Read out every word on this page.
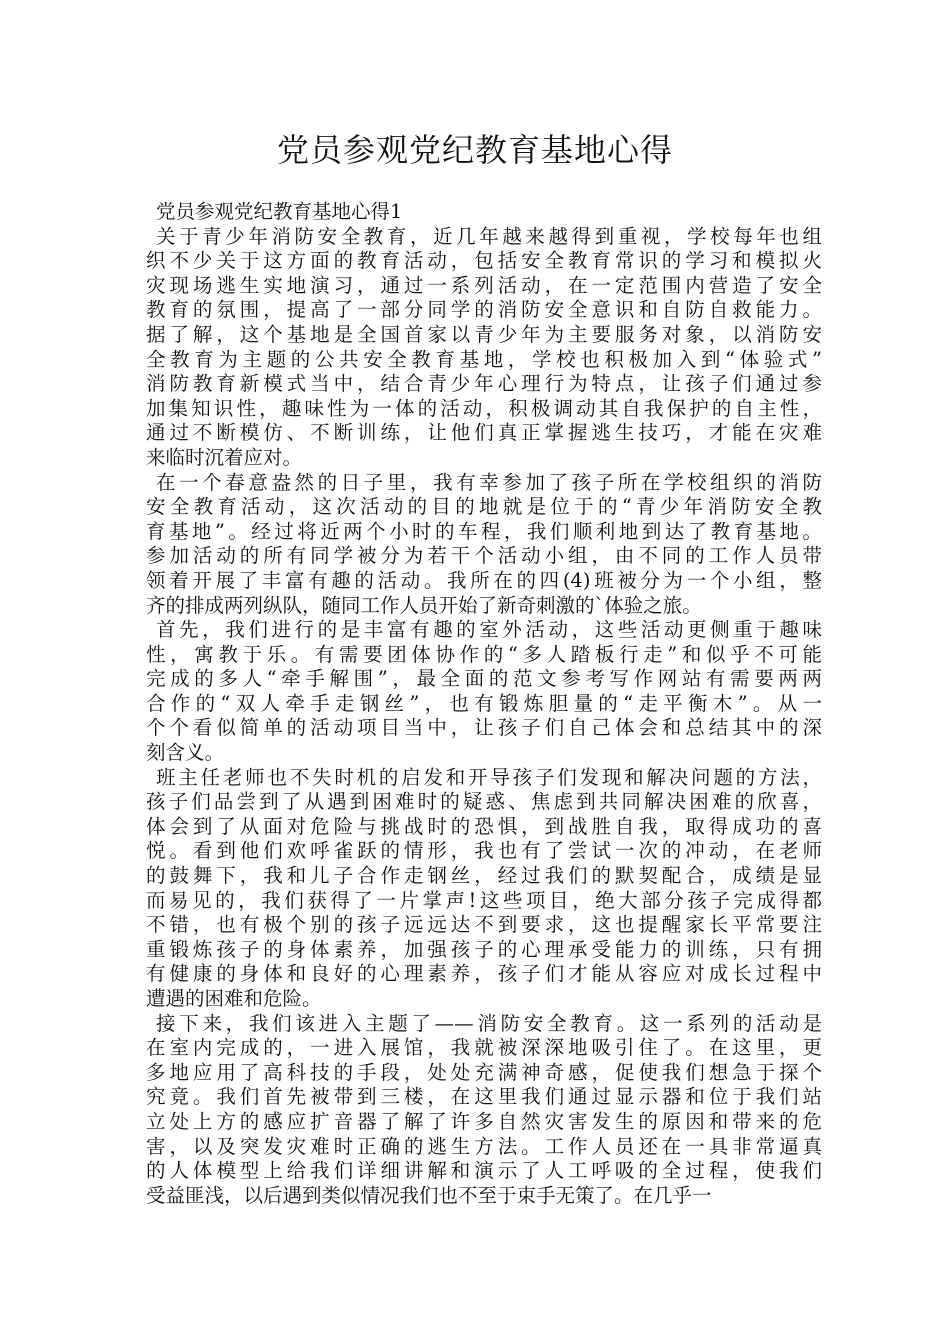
党员参观党纪教育基地心得

党员参观党纪教育基地心得1

关于青少年消防安全教育，近几年越来越得到重视，学校每年也组
织不少关于这方面的教育活动，包括安全教育常识的学习和模拟火
灾现场逃生实地演习，通过一系列活动，在一定范围内营造了安全
教育的氛围，提高了一部分同学的消防安全意识和自防自救能力。
据了解，这个基地是全国首家以青少年为主要服务对象，以消防安
全教育为主题的公共安全教育基地，学校也积极加入到“体验式”
消防教育新模式当中，结合青少年心理行为特点，让孩子们通过参
加集知识性，趣味性为一体的活动，积极调动其自我保护的自主性，
通过不断模仿、不断训练，让他们真正掌握逃生技巧，才能在灾难
来临时沉着应对。

在一个春意盎然的日子里，我有幸参加了孩子所在学校组织的消防
安全教育活动，这次活动的目的地就是位于的“青少年消防安全教
育基地”。经过将近两个小时的车程，我们顺利地到达了教育基地。
参加活动的所有同学被分为若干个活动小组，由不同的工作人员带
领着开展了丰富有趣的活动。我所在的四(4)班被分为一个小组，整
齐的排成两列纵队，随同工作人员开始了新奇刺激的`体验之旅。

首先，我们进行的是丰富有趣的室外活动，这些活动更侧重于趣味
性，寓教于乐。有需要团体协作的“多人踏板行走”和似乎不可能
完成的多人“牵手解围”，最全面的范文参考写作网站有需要两两
合作的“双人牵手走钢丝”，也有锻炼胆量的“走平衡木”。从一
个个看似简单的活动项目当中，让孩子们自己体会和总结其中的深
刻含义。

班主任老师也不失时机的启发和开导孩子们发现和解决问题的方法，
孩子们品尝到了从遇到困难时的疑惑、焦虑到共同解决困难的欣喜，
体会到了从面对危险与挑战时的恐惧，到战胜自我，取得成功的喜
悦。看到他们欢呼雀跃的情形，我也有了尝试一次的冲动，在老师
的鼓舞下，我和儿子合作走钢丝，经过我们的默契配合，成绩是显
而易见的，我们获得了一片掌声!这些项目，绝大部分孩子完成得都
不错，也有极个别的孩子远远达不到要求，这也提醒家长平常要注
重锻炼孩子的身体素养，加强孩子的心理承受能力的训练，只有拥
有健康的身体和良好的心理素养，孩子们才能从容应对成长过程中
遭遇的困难和危险。

接下来，我们该进入主题了——消防安全教育。这一系列的活动是
在室内完成的，一进入展馆，我就被深深地吸引住了。在这里，更
多地应用了高科技的手段，处处充满神奇感，促使我们想急于探个
究竟。我们首先被带到三楼，在这里我们通过显示器和位于我们站
立处上方的感应扩音器了解了许多自然灾害发生的原因和带来的危
害，以及突发灾难时正确的逃生方法。工作人员还在一具非常逼真
的人体模型上给我们详细讲解和演示了人工呼吸的全过程，使我们
受益匪浅，以后遇到类似情况我们也不至于束手无策了。在几乎一
